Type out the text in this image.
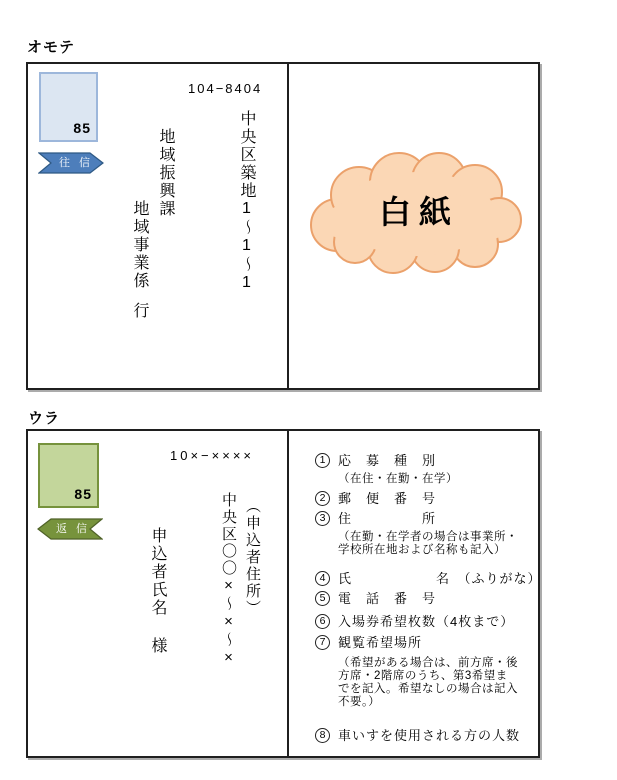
オモテ
85
往 信
104−8404
中央区築地1〜1〜1
地域振興課
地域事業係行
白紙
ウラ
85
返 信
10×−××××
（申込者住所）
中央区〇〇×〜×〜×
申込者氏名様
1 応　募　種　別
（在住・在勤・在学）
2 郵　便　番　号
3 住　　　　　所
（在勤・在学者の場合は事業所・学校所在地および名称も記入）
4 氏　　　　　　名　（ふりがな）
5 電　話　番　号
6 入場券希望枚数（4枚まで）
7 観覧希望場所
（希望がある場合は、前方席・後方席・2階席のうち、第3希望までを記入。希望なしの場合は記入不要。）
8 車いすを使用される方の人数
